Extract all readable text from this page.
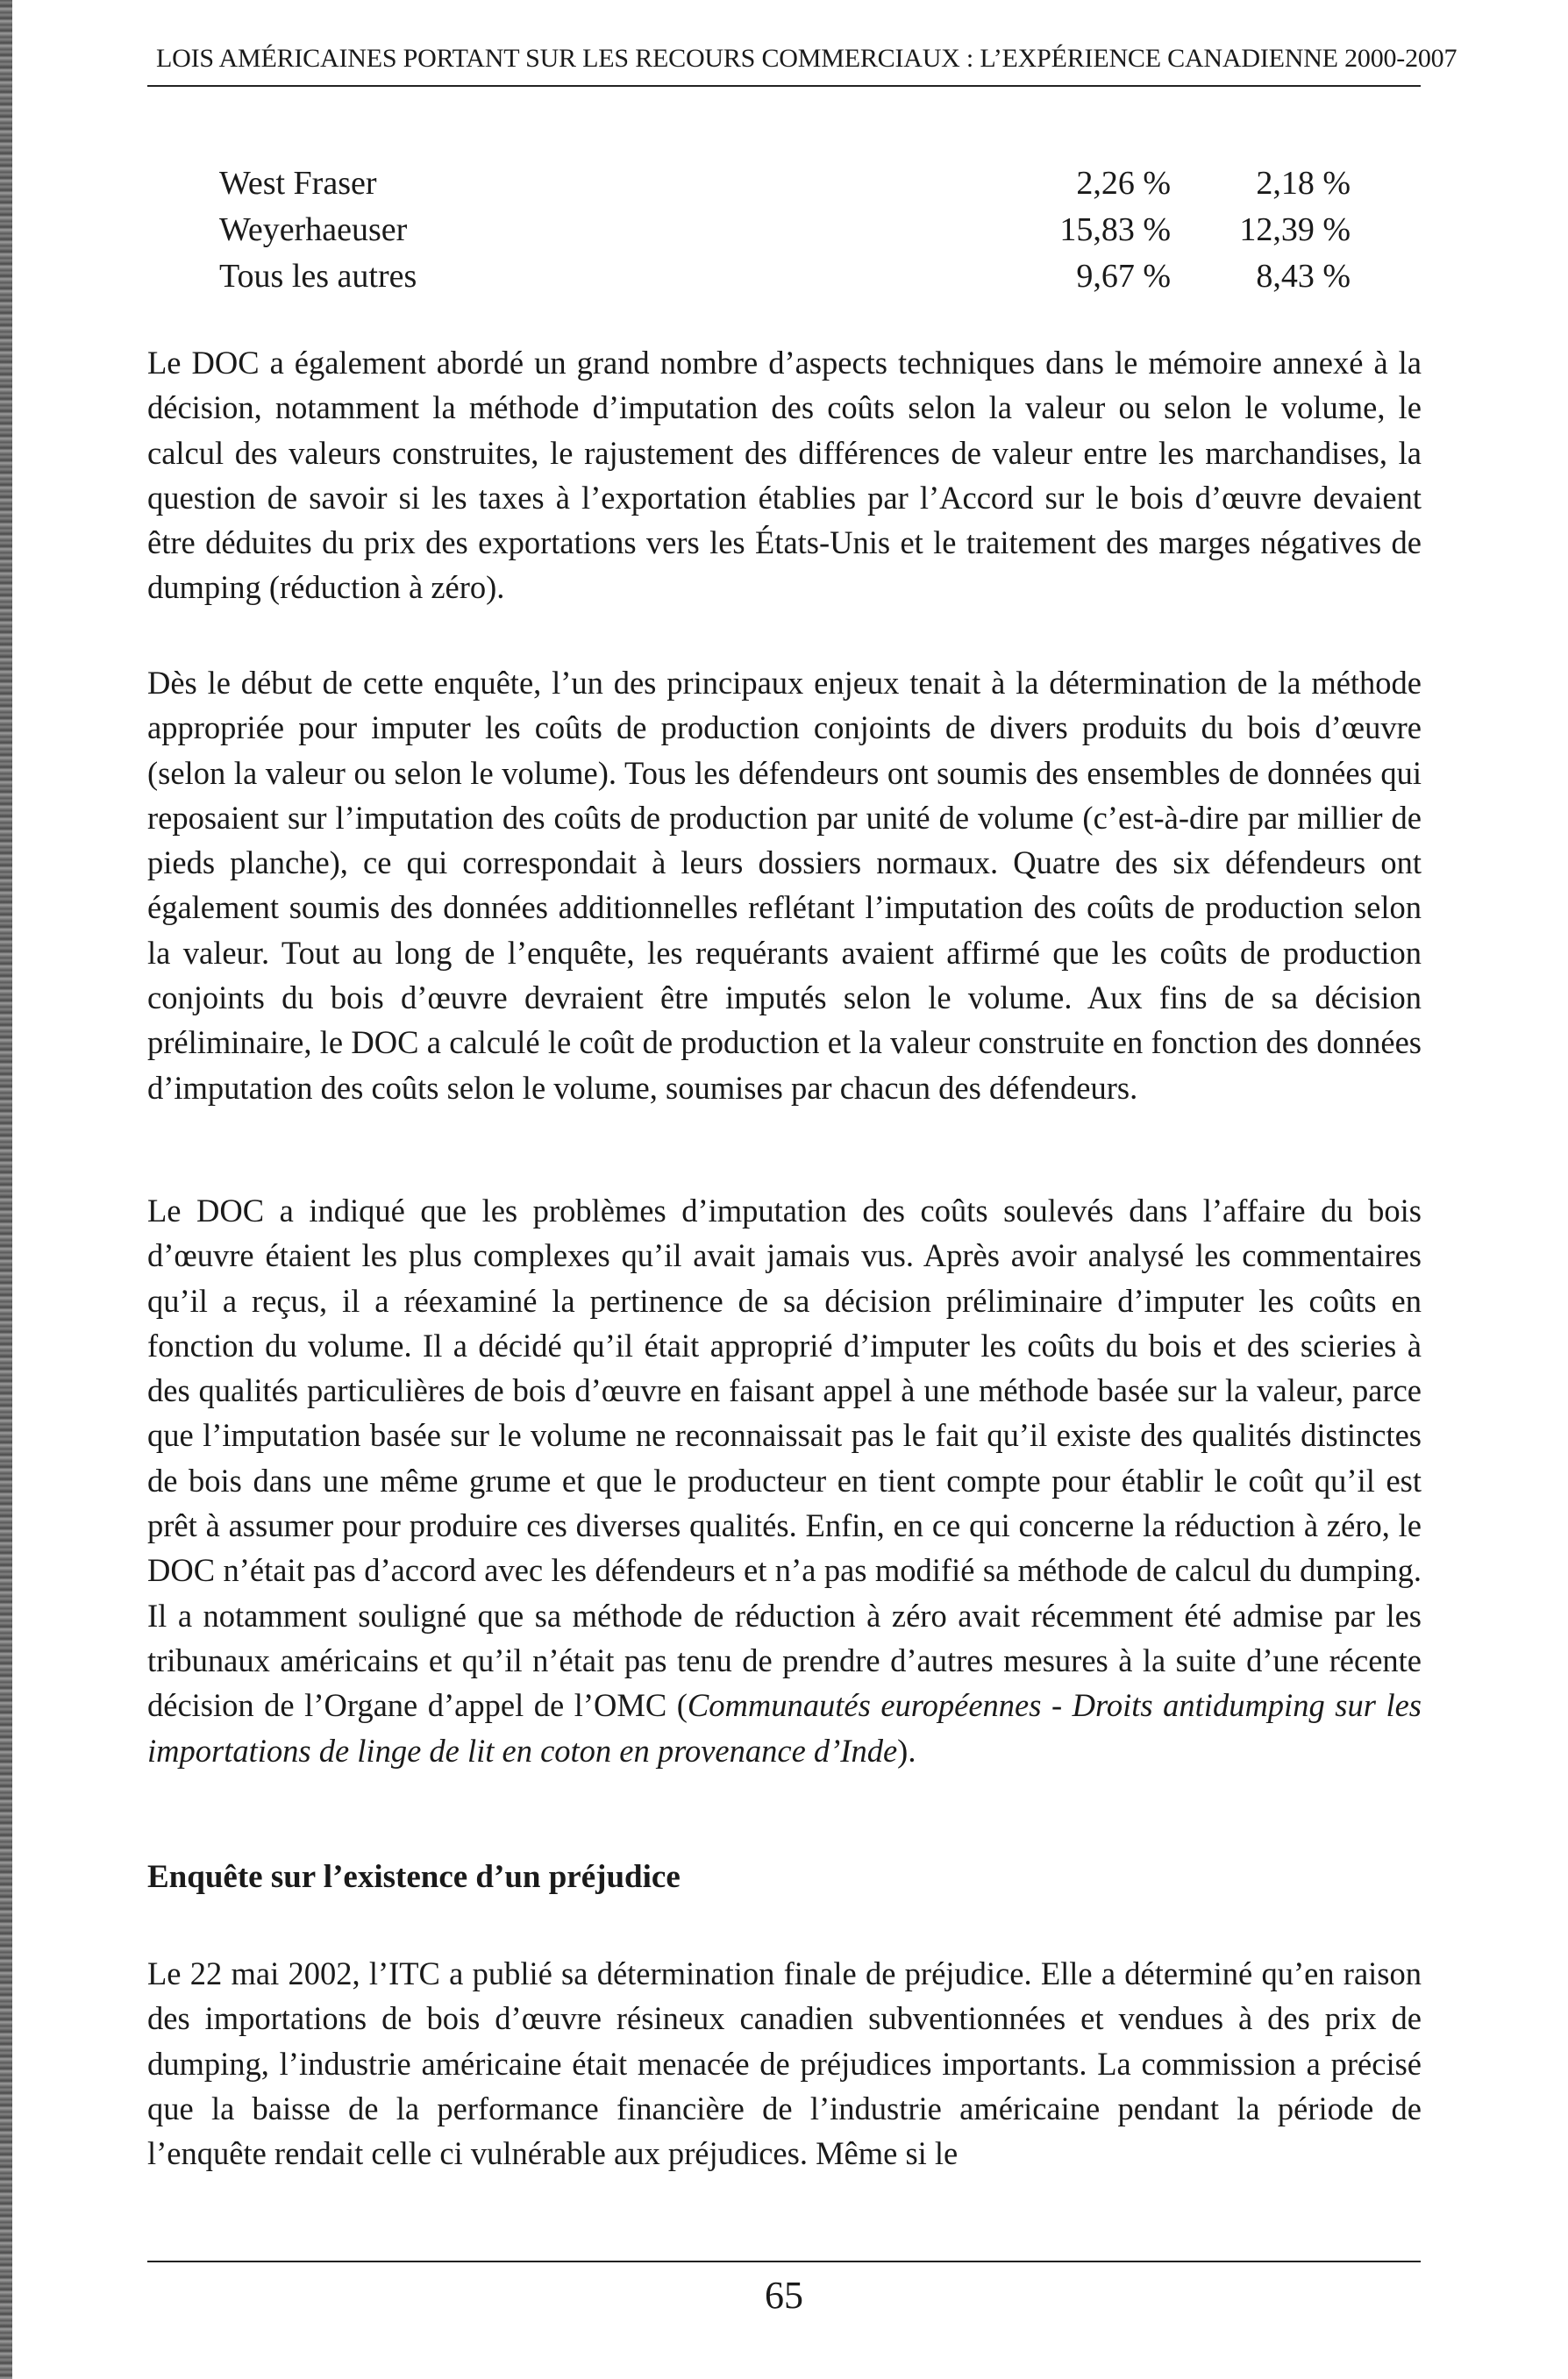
LOIS AMÉRICAINES PORTANT SUR LES RECOURS COMMERCIAUX : L’EXPÉRIENCE CANADIENNE 2000-2007
West Fraser	2,26 %	2,18 %
Weyerhaeuser	15,83 %	12,39 %
Tous les autres	9,67 %	8,43 %

Le DOC a également abordé un grand nombre d’aspects techniques dans le mémoire annexé à la décision, notamment la méthode d’imputation des coûts selon la valeur ou selon le volume, le calcul des valeurs construites, le rajustement des différences de valeur entre les marchandises, la question de savoir si les taxes à l’exportation établies par l’Accord sur le bois d’œuvre devaient être déduites du prix des exportations vers les États-Unis et le traitement des marges négatives de dumping (réduction à zéro).

Dès le début de cette enquête, l’un des principaux enjeux tenait à la détermination de la méthode appropriée pour imputer les coûts de production conjoints de divers produits du bois d’œuvre (selon la valeur ou selon le volume). Tous les défendeurs ont soumis des ensembles de données qui reposaient sur l’imputation des coûts de production par unité de volume (c’est-à-dire par millier de pieds planche), ce qui correspondait à leurs dossiers normaux. Quatre des six défendeurs ont également soumis des données additionnelles reflétant l’imputation des coûts de production selon la valeur. Tout au long de l’enquête, les requérants avaient affirmé que les coûts de production conjoints du bois d’œuvre devraient être imputés selon le volume. Aux fins de sa décision préliminaire, le DOC a calculé le coût de production et la valeur construite en fonction des données d’imputation des coûts selon le volume, soumises par chacun des défendeurs.

Le DOC a indiqué que les problèmes d’imputation des coûts soulevés dans l’affaire du bois d’œuvre étaient les plus complexes qu’il avait jamais vus. Après avoir analysé les commentaires qu’il a reçus, il a réexaminé la pertinence de sa décision préliminaire d’imputer les coûts en fonction du volume. Il a décidé qu’il était approprié d’imputer les coûts du bois et des scieries à des qualités particulières de bois d’œuvre en faisant appel à une méthode basée sur la valeur, parce que l’imputation basée sur le volume ne reconnaissait pas le fait qu’il existe des qualités distinctes de bois dans une même grume et que le producteur en tient compte pour établir le coût qu’il est prêt à assumer pour produire ces diverses qualités. Enfin, en ce qui concerne la réduction à zéro, le DOC n’était pas d’accord avec les défendeurs et n’a pas modifié sa méthode de calcul du dumping. Il a notamment souligné que sa méthode de réduction à zéro avait récemment été admise par les tribunaux américains et qu’il n’était pas tenu de prendre d’autres mesures à la suite d’une récente décision de l’Organe d’appel de l’OMC (Communautés européennes - Droits antidumping sur les importations de linge de lit en coton en provenance d’Inde).

Enquête sur l’existence d’un préjudice

Le 22 mai 2002, l’ITC a publié sa détermination finale de préjudice. Elle a déterminé qu’en raison des importations de bois d’œuvre résineux canadien subventionnées et vendues à des prix de dumping, l’industrie américaine était menacée de préjudices importants. La commission a précisé que la baisse de la performance financière de l’industrie américaine pendant la période de l’enquête rendait celle ci vulnérable aux préjudices. Même si le

65
